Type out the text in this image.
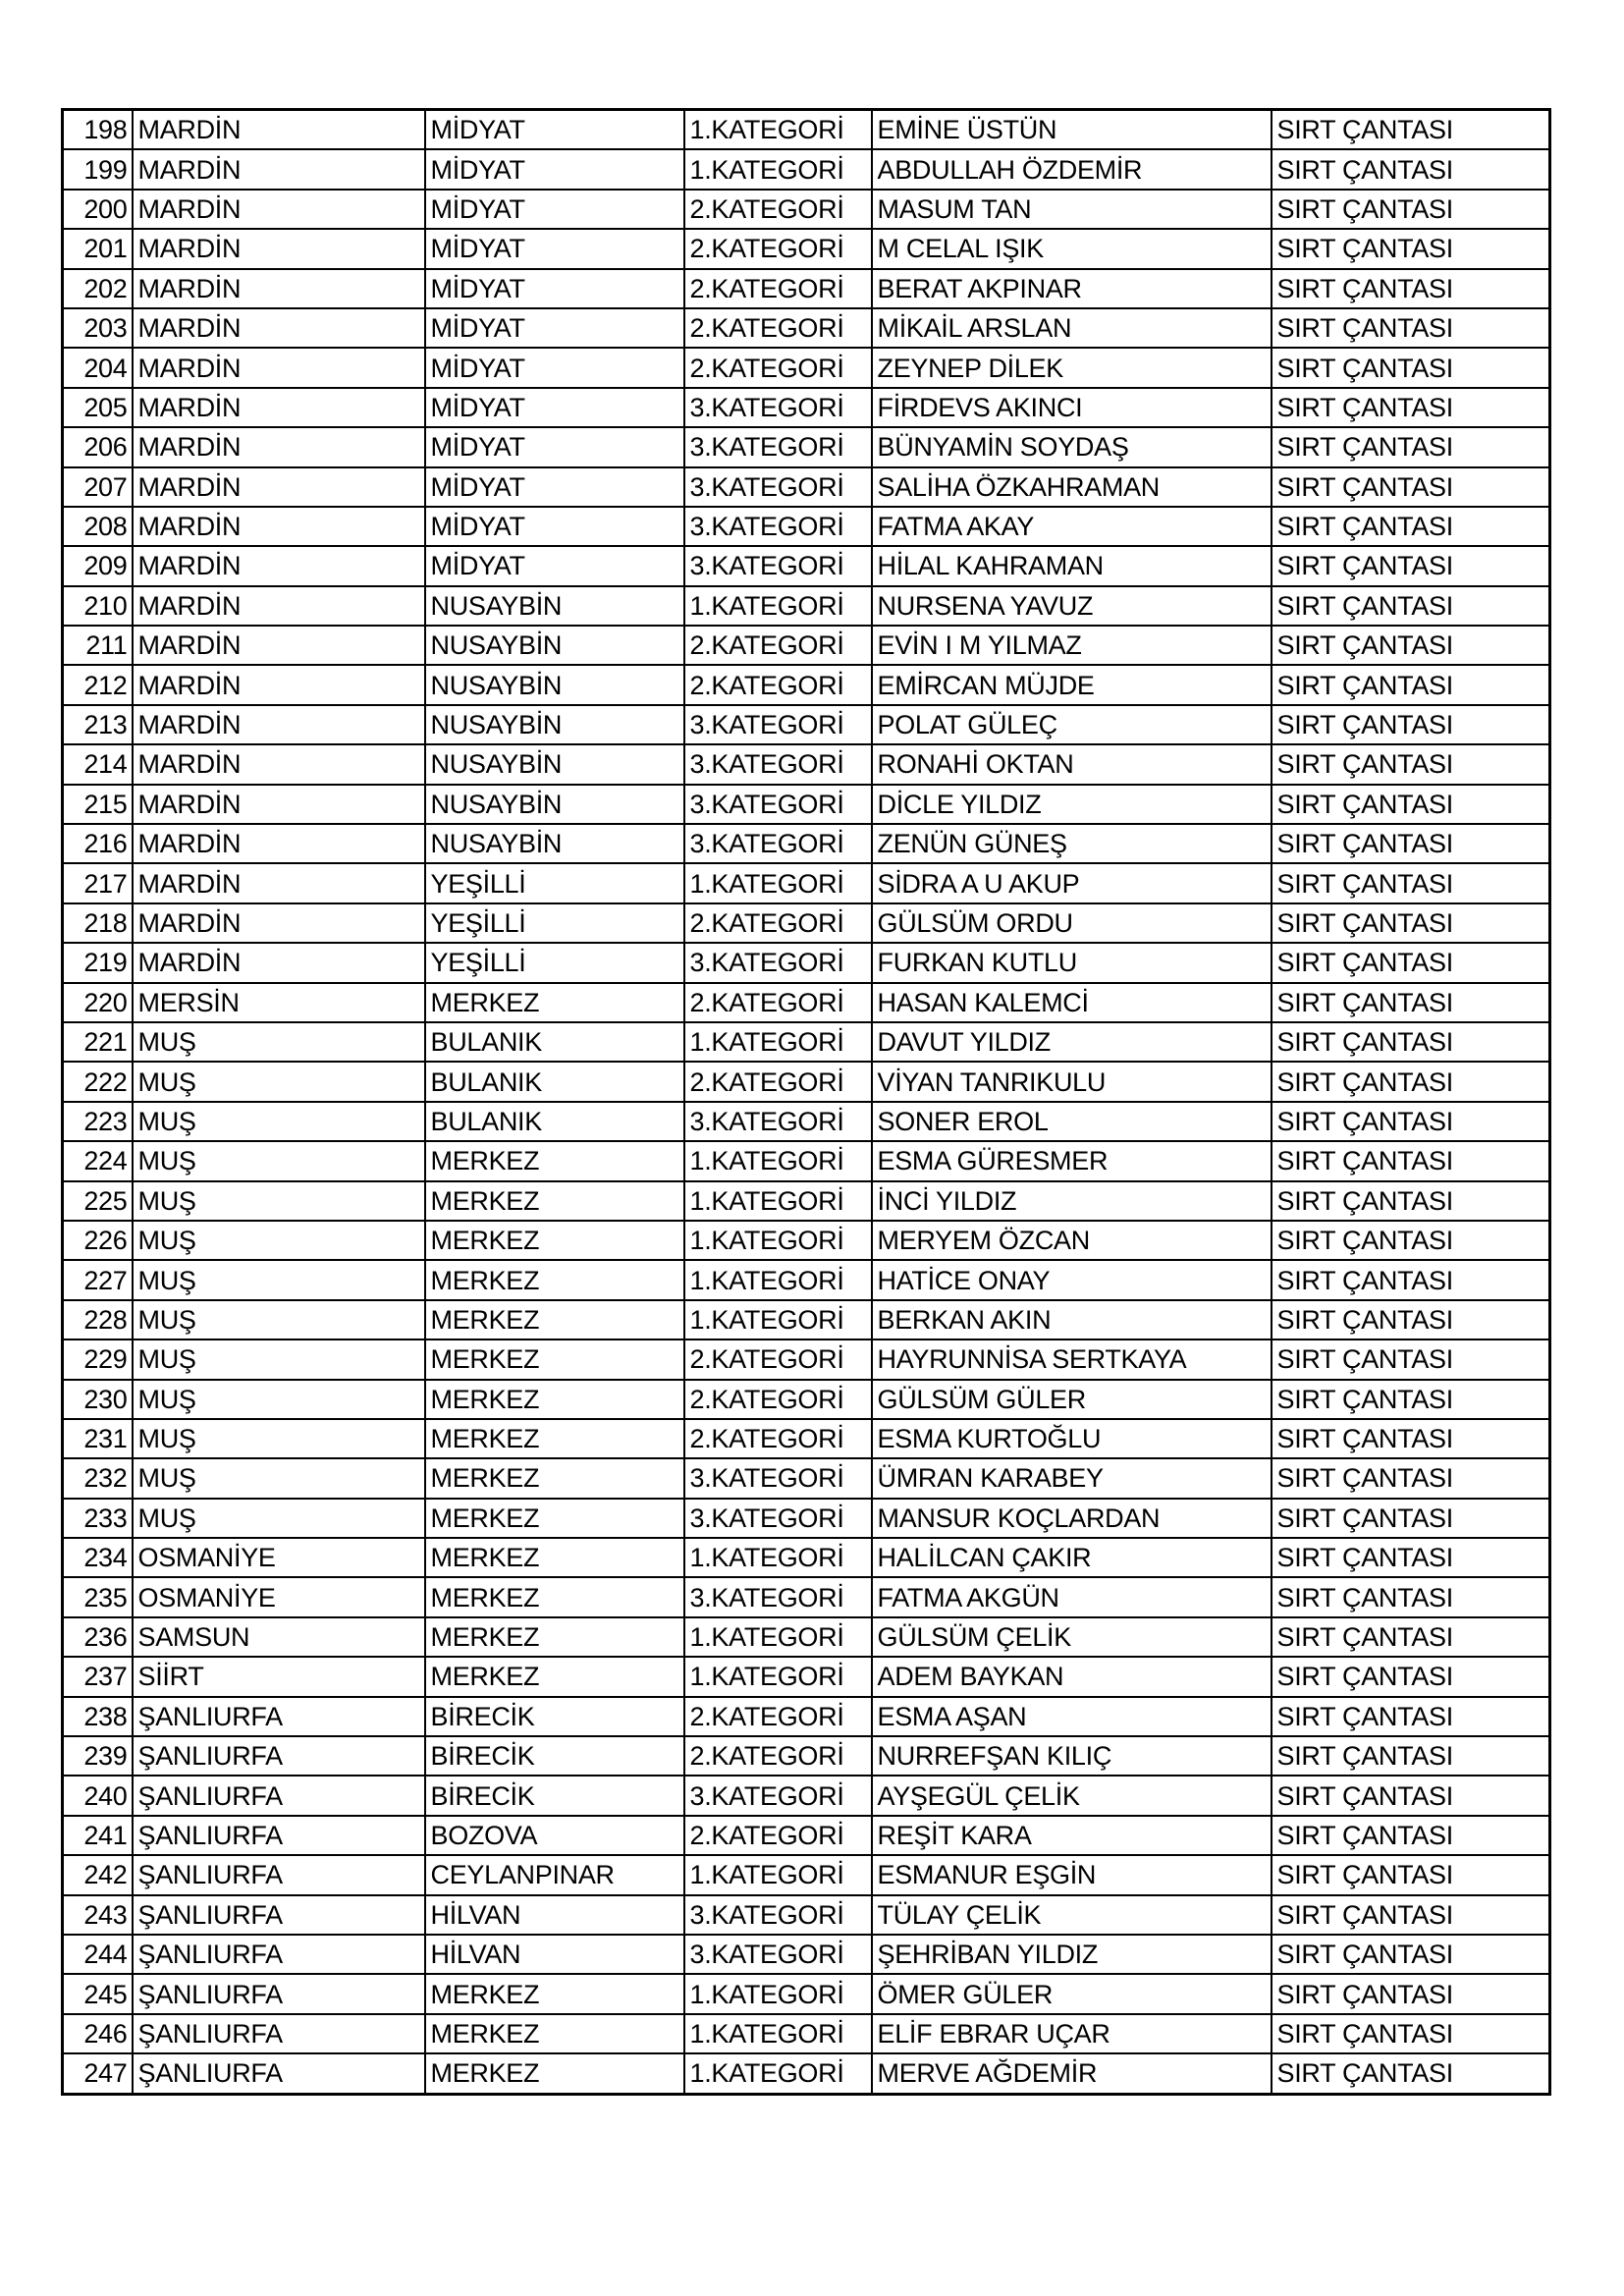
198	MARDİN	MİDYAT	1.KATEGORİ	EMİNE ÜSTÜN	SIRT ÇANTASI
199	MARDİN	MİDYAT	1.KATEGORİ	ABDULLAH ÖZDEMİR	SIRT ÇANTASI
200	MARDİN	MİDYAT	2.KATEGORİ	MASUM TAN	SIRT ÇANTASI
201	MARDİN	MİDYAT	2.KATEGORİ	M CELAL IŞIK	SIRT ÇANTASI
202	MARDİN	MİDYAT	2.KATEGORİ	BERAT AKPINAR	SIRT ÇANTASI
203	MARDİN	MİDYAT	2.KATEGORİ	MİKAİL ARSLAN	SIRT ÇANTASI
204	MARDİN	MİDYAT	2.KATEGORİ	ZEYNEP DİLEK	SIRT ÇANTASI
205	MARDİN	MİDYAT	3.KATEGORİ	FİRDEVS AKINCI	SIRT ÇANTASI
206	MARDİN	MİDYAT	3.KATEGORİ	BÜNYAMİN SOYDAŞ	SIRT ÇANTASI
207	MARDİN	MİDYAT	3.KATEGORİ	SALİHA ÖZKAHRAMAN	SIRT ÇANTASI
208	MARDİN	MİDYAT	3.KATEGORİ	FATMA AKAY	SIRT ÇANTASI
209	MARDİN	MİDYAT	3.KATEGORİ	HİLAL KAHRAMAN	SIRT ÇANTASI
210	MARDİN	NUSAYBİN	1.KATEGORİ	NURSENA YAVUZ	SIRT ÇANTASI
211	MARDİN	NUSAYBİN	2.KATEGORİ	EVİN I M YILMAZ	SIRT ÇANTASI
212	MARDİN	NUSAYBİN	2.KATEGORİ	EMİRCAN MÜJDE	SIRT ÇANTASI
213	MARDİN	NUSAYBİN	3.KATEGORİ	POLAT GÜLEÇ	SIRT ÇANTASI
214	MARDİN	NUSAYBİN	3.KATEGORİ	RONAHİ OKTAN	SIRT ÇANTASI
215	MARDİN	NUSAYBİN	3.KATEGORİ	DİCLE YILDIZ	SIRT ÇANTASI
216	MARDİN	NUSAYBİN	3.KATEGORİ	ZENÜN GÜNEŞ	SIRT ÇANTASI
217	MARDİN	YEŞİLLİ	1.KATEGORİ	SİDRA A U AKUP	SIRT ÇANTASI
218	MARDİN	YEŞİLLİ	2.KATEGORİ	GÜLSÜM ORDU	SIRT ÇANTASI
219	MARDİN	YEŞİLLİ	3.KATEGORİ	FURKAN KUTLU	SIRT ÇANTASI
220	MERSİN	MERKEZ	2.KATEGORİ	HASAN KALEMCİ	SIRT ÇANTASI
221	MUŞ	BULANIK	1.KATEGORİ	DAVUT YILDIZ	SIRT ÇANTASI
222	MUŞ	BULANIK	2.KATEGORİ	VİYAN TANRIKULU	SIRT ÇANTASI
223	MUŞ	BULANIK	3.KATEGORİ	SONER EROL	SIRT ÇANTASI
224	MUŞ	MERKEZ	1.KATEGORİ	ESMA GÜRESMER	SIRT ÇANTASI
225	MUŞ	MERKEZ	1.KATEGORİ	İNCİ YILDIZ	SIRT ÇANTASI
226	MUŞ	MERKEZ	1.KATEGORİ	MERYEM ÖZCAN	SIRT ÇANTASI
227	MUŞ	MERKEZ	1.KATEGORİ	HATİCE ONAY	SIRT ÇANTASI
228	MUŞ	MERKEZ	1.KATEGORİ	BERKAN AKIN	SIRT ÇANTASI
229	MUŞ	MERKEZ	2.KATEGORİ	HAYRUNNİSA SERTKAYA	SIRT ÇANTASI
230	MUŞ	MERKEZ	2.KATEGORİ	GÜLSÜM GÜLER	SIRT ÇANTASI
231	MUŞ	MERKEZ	2.KATEGORİ	ESMA KURTOĞLU	SIRT ÇANTASI
232	MUŞ	MERKEZ	3.KATEGORİ	ÜMRAN KARABEY	SIRT ÇANTASI
233	MUŞ	MERKEZ	3.KATEGORİ	MANSUR KOÇLARDAN	SIRT ÇANTASI
234	OSMANİYE	MERKEZ	1.KATEGORİ	HALİLCAN ÇAKIR	SIRT ÇANTASI
235	OSMANİYE	MERKEZ	3.KATEGORİ	FATMA AKGÜN	SIRT ÇANTASI
236	SAMSUN	MERKEZ	1.KATEGORİ	GÜLSÜM ÇELİK	SIRT ÇANTASI
237	SİİRT	MERKEZ	1.KATEGORİ	ADEM BAYKAN	SIRT ÇANTASI
238	ŞANLIURFA	BİRECİK	2.KATEGORİ	ESMA AŞAN	SIRT ÇANTASI
239	ŞANLIURFA	BİRECİK	2.KATEGORİ	NURREFŞAN KILIÇ	SIRT ÇANTASI
240	ŞANLIURFA	BİRECİK	3.KATEGORİ	AYŞEGÜL ÇELİK	SIRT ÇANTASI
241	ŞANLIURFA	BOZOVA	2.KATEGORİ	REŞİT KARA	SIRT ÇANTASI
242	ŞANLIURFA	CEYLANPINAR	1.KATEGORİ	ESMANUR EŞGİN	SIRT ÇANTASI
243	ŞANLIURFA	HİLVAN	3.KATEGORİ	TÜLAY ÇELİK	SIRT ÇANTASI
244	ŞANLIURFA	HİLVAN	3.KATEGORİ	ŞEHRİBAN YILDIZ	SIRT ÇANTASI
245	ŞANLIURFA	MERKEZ	1.KATEGORİ	ÖMER GÜLER	SIRT ÇANTASI
246	ŞANLIURFA	MERKEZ	1.KATEGORİ	ELİF EBRAR UÇAR	SIRT ÇANTASI
247	ŞANLIURFA	MERKEZ	1.KATEGORİ	MERVE AĞDEMİR	SIRT ÇANTASI
